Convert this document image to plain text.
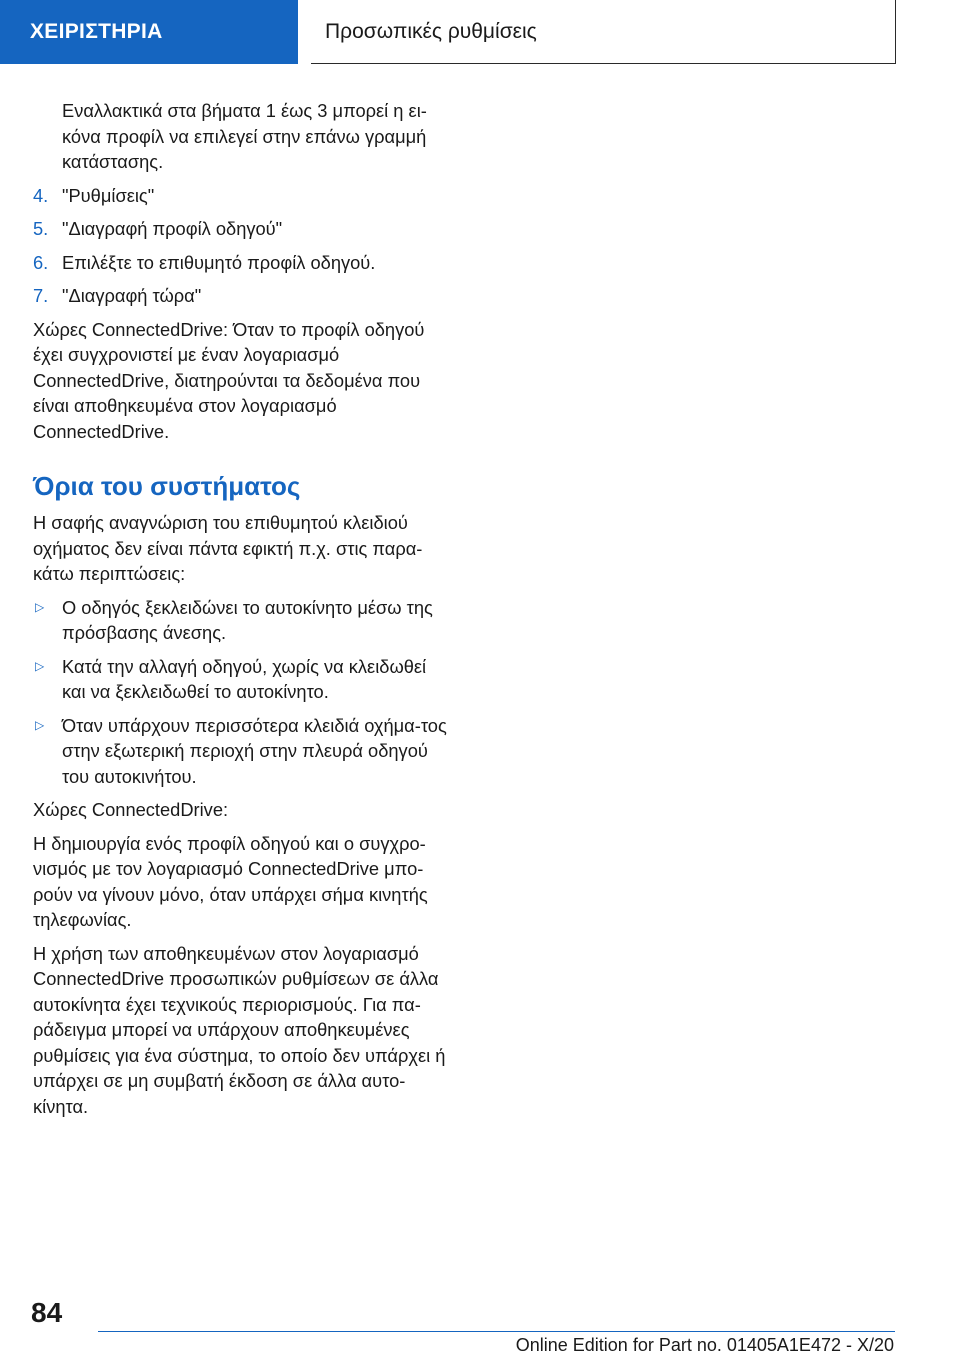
ΧΕΙΡΙΣΤΗΡΙΑ	Προσωπικές ρυθμίσεις

Εναλλακτικά στα βήματα 1 έως 3 μπορεί η ει-κόνα προφίλ να επιλεγεί στην επάνω γραμμή κατάστασης.

4. "Ρυθμίσεις"
5. "Διαγραφή προφίλ οδηγού"
6. Επιλέξτε το επιθυμητό προφίλ οδηγού.
7. "Διαγραφή τώρα"

Χώρες ConnectedDrive: Όταν το προφίλ οδηγού έχει συγχρονιστεί με έναν λογαριασμό ConnectedDrive, διατηρούνται τα δεδομένα που είναι αποθηκευμένα στον λογαριασμό ConnectedDrive.

Όρια του συστήματος

Η σαφής αναγνώριση του επιθυμητού κλειδιού οχήματος δεν είναι πάντα εφικτή π.χ. στις παρα-κάτω περιπτώσεις:

▷ Ο οδηγός ξεκλειδώνει το αυτοκίνητο μέσω της πρόσβασης άνεσης.
▷ Κατά την αλλαγή οδηγού, χωρίς να κλειδωθεί και να ξεκλειδωθεί το αυτοκίνητο.
▷ Όταν υπάρχουν περισσότερα κλειδιά οχήμα-τος στην εξωτερική περιοχή στην πλευρά οδηγού του αυτοκινήτου.

Χώρες ConnectedDrive:

Η δημιουργία ενός προφίλ οδηγού και ο συγχρο-νισμός με τον λογαριασμό ConnectedDrive μπο-ρούν να γίνουν μόνο, όταν υπάρχει σήμα κινητής τηλεφωνίας.

Η χρήση των αποθηκευμένων στον λογαριασμό ConnectedDrive προσωπικών ρυθμίσεων σε άλλα αυτοκίνητα έχει τεχνικούς περιορισμούς. Για πα-ράδειγμα μπορεί να υπάρχουν αποθηκευμένες ρυθμίσεις για ένα σύστημα, το οποίο δεν υπάρχει ή υπάρχει σε μη συμβατή έκδοση σε άλλα αυτο-κίνητα.

84
Online Edition for Part no. 01405A1E472 - X/20
